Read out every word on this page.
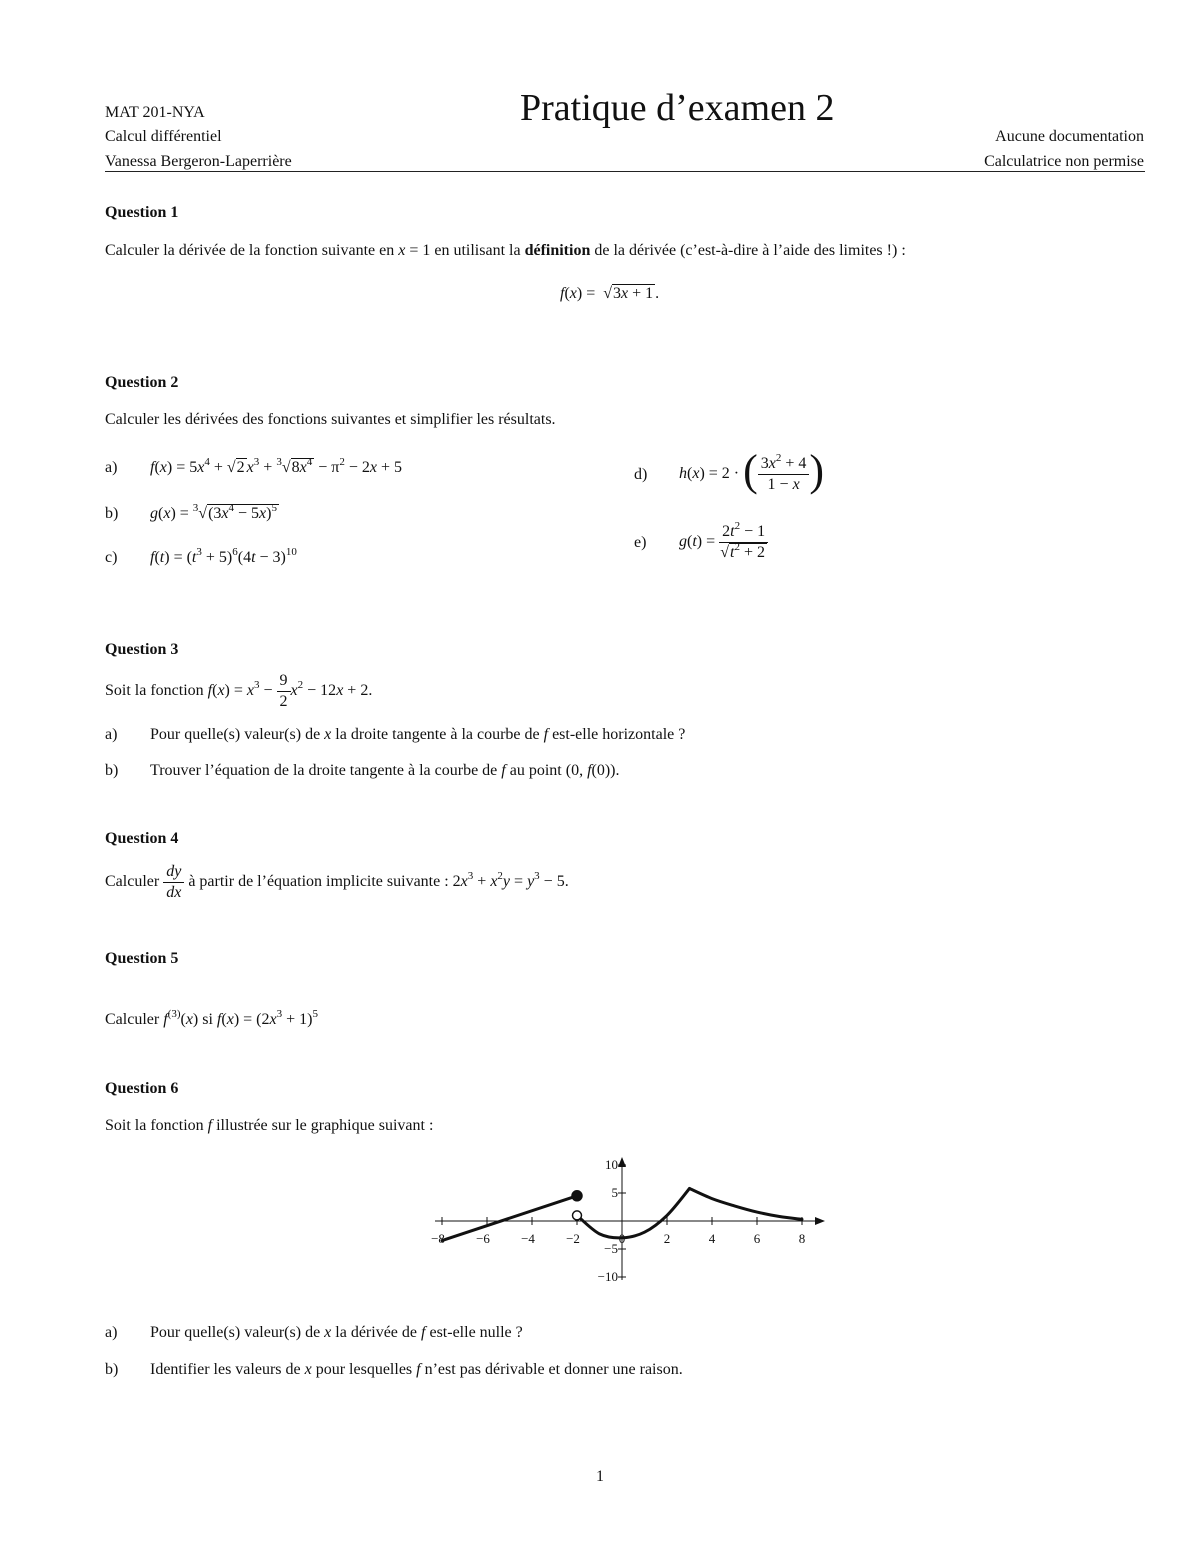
MAT 201-NYA	Pratique d’examen 2
Calcul différentiel
Vanessa Bergeron-Laperrière
Aucune documentation
Calculatrice non permise
Question 1
Calculer la dérivée de la fonction suivante en x = 1 en utilisant la définition de la dérivée (c’est-à-dire à l’aide des limites !) :
f(x) =  √3x + 1 .
Question 2
Calculer les dérivées des fonctions suivantes et simplifier les résultats.
a) $f(x) = 5x^4 + √2$ $x^3 + ^3√8x^4 - \pi^2 - 2x + 5$
b) $g(x) = ^3√(3x^4 - 5x)^5$
c) $f(t) = (t^3 + 5)^6(4t - 3)^{10}$
d) h(x) = 2 · ( $\frac{3x^2 + 4}{1 - x}$ )
e) $g(t) = \frac{2t^2 - 1}{√t^2 + 2}$
Question 3
Soit la fonction $f(x) = x^3 - \frac{9}{2} x^2 - 12x + 2$.
a) Pour quelle(s) valeur(s) de x la droite tangente à la courbe de f est-elle horizontale ?
b) Trouver l’équation de la droite tangente à la courbe de f au point (0, f(0)).
Question 4
Calculer $\frac{dy}{dx}$ à partir de l’équation implicite suivante : $2x^3 + x^2y = y^3 - 5$.
Question 5
Calculer $f^{(3)}(x)$ si $f(x) = (2x^3 + 1)^5$
Question 6
Soit la fonction f illustrée sur le graphique suivant :
−8 −6 −4 −2	0	2	4	6	8
10
5
−5
−10
a) Pour quelle(s) valeur(s) de x la dérivée de f est-elle nulle ?
b) Identifier les valeurs de x pour lesquelles f n’est pas dérivable et donner une raison.
1
